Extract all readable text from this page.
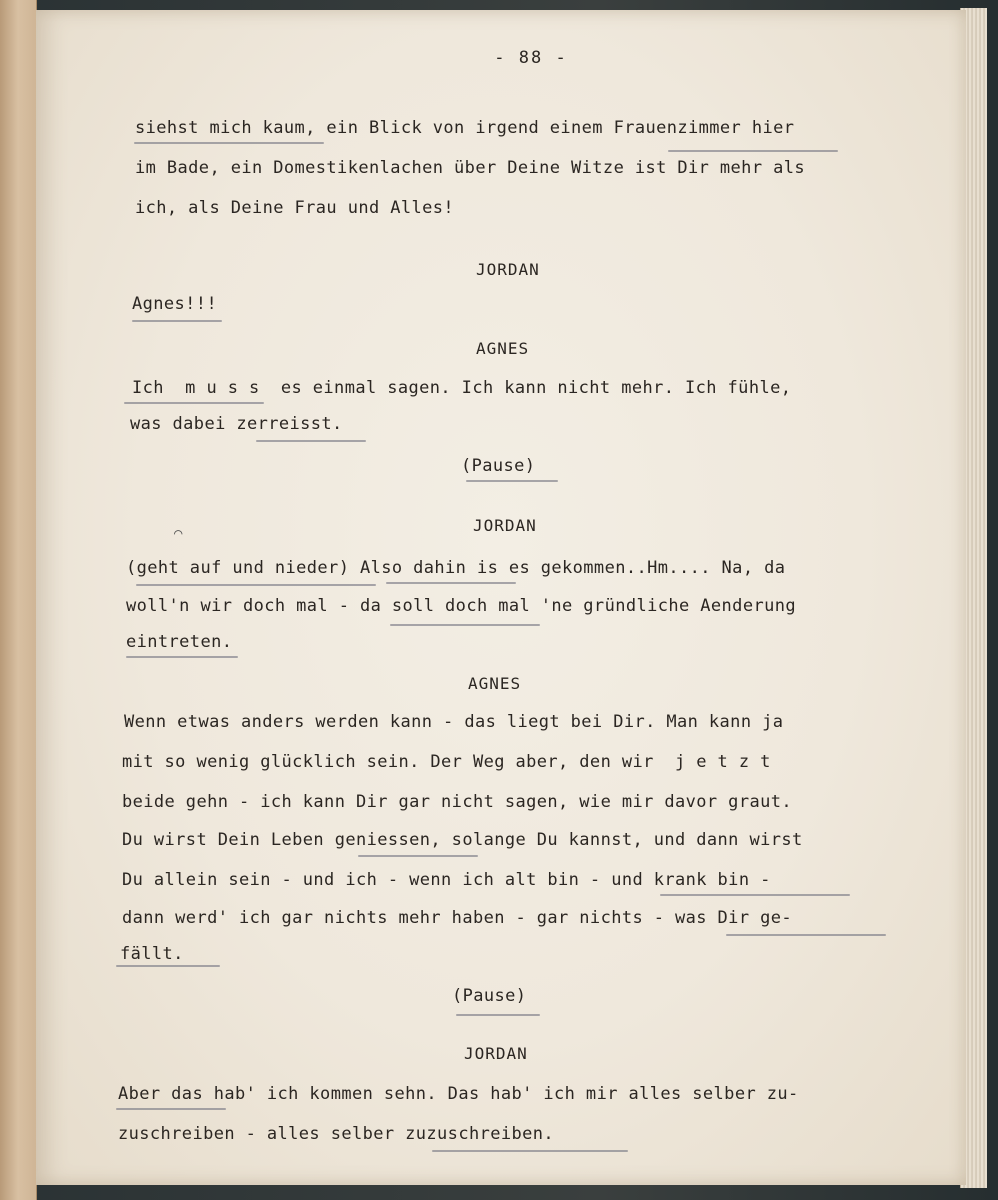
- 88 -
siehst mich kaum, ein Blick von irgend einem Frauenzimmer hier
im Bade, ein Domestikenlachen über Deine Witze ist Dir mehr als
ich, als Deine Frau und Alles!
JORDAN
Agnes!!!
AGNES
Ich  m u s s  es einmal sagen. Ich kann nicht mehr. Ich fühle,
was dabei zerreisst.
(Pause)
◠	JORDAN
(geht auf und nieder) Also dahin is es gekommen..Hm.... Na, da
woll'n wir doch mal - da soll doch mal 'ne gründliche Aenderung
eintreten.
AGNES
Wenn etwas anders werden kann - das liegt bei Dir. Man kann ja
mit so wenig glücklich sein. Der Weg aber, den wir  j e t z t
beide gehn - ich kann Dir gar nicht sagen, wie mir davor graut.
Du wirst Dein Leben geniessen, solange Du kannst, und dann wirst
Du allein sein - und ich - wenn ich alt bin - und krank bin -
dann werd' ich gar nichts mehr haben - gar nichts - was Dir ge-
fällt.
(Pause)
JORDAN
Aber das hab' ich kommen sehn. Das hab' ich mir alles selber zu-
zuschreiben - alles selber zuzuschreiben.
